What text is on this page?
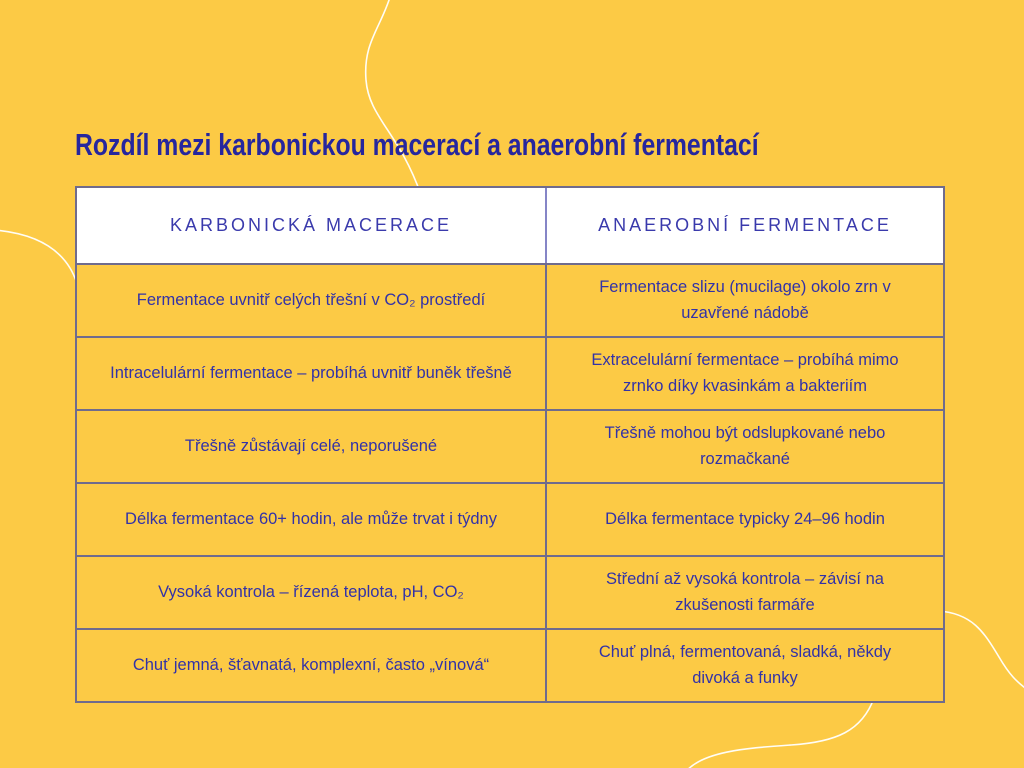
Rozdíl mezi karbonickou macerací a anaerobní fermentací
KARBONICKÁ MACERACE	ANAEROBNÍ FERMENTACE
Fermentace uvnitř celých třešní v CO₂ prostředí
Fermentace slizu (mucilage) okolo zrn v uzavřené nádobě
Intracelulární fermentace – probíhá uvnitř buněk třešně
Extracelulární fermentace – probíhá mimo zrnko díky kvasinkám a bakteriím
Třešně zůstávají celé, neporušené
Třešně mohou být odslupkované nebo rozmačkané
Délka fermentace 60+ hodin, ale může trvat i týdny	Délka fermentace typicky 24–96 hodin
Vysoká kontrola – řízená teplota, pH, CO₂
Střední až vysoká kontrola – závisí na zkušenosti farmáře
Chuť jemná, šťavnatá, komplexní, často „vínová“
Chuť plná, fermentovaná, sladká, někdy divoká a funky
